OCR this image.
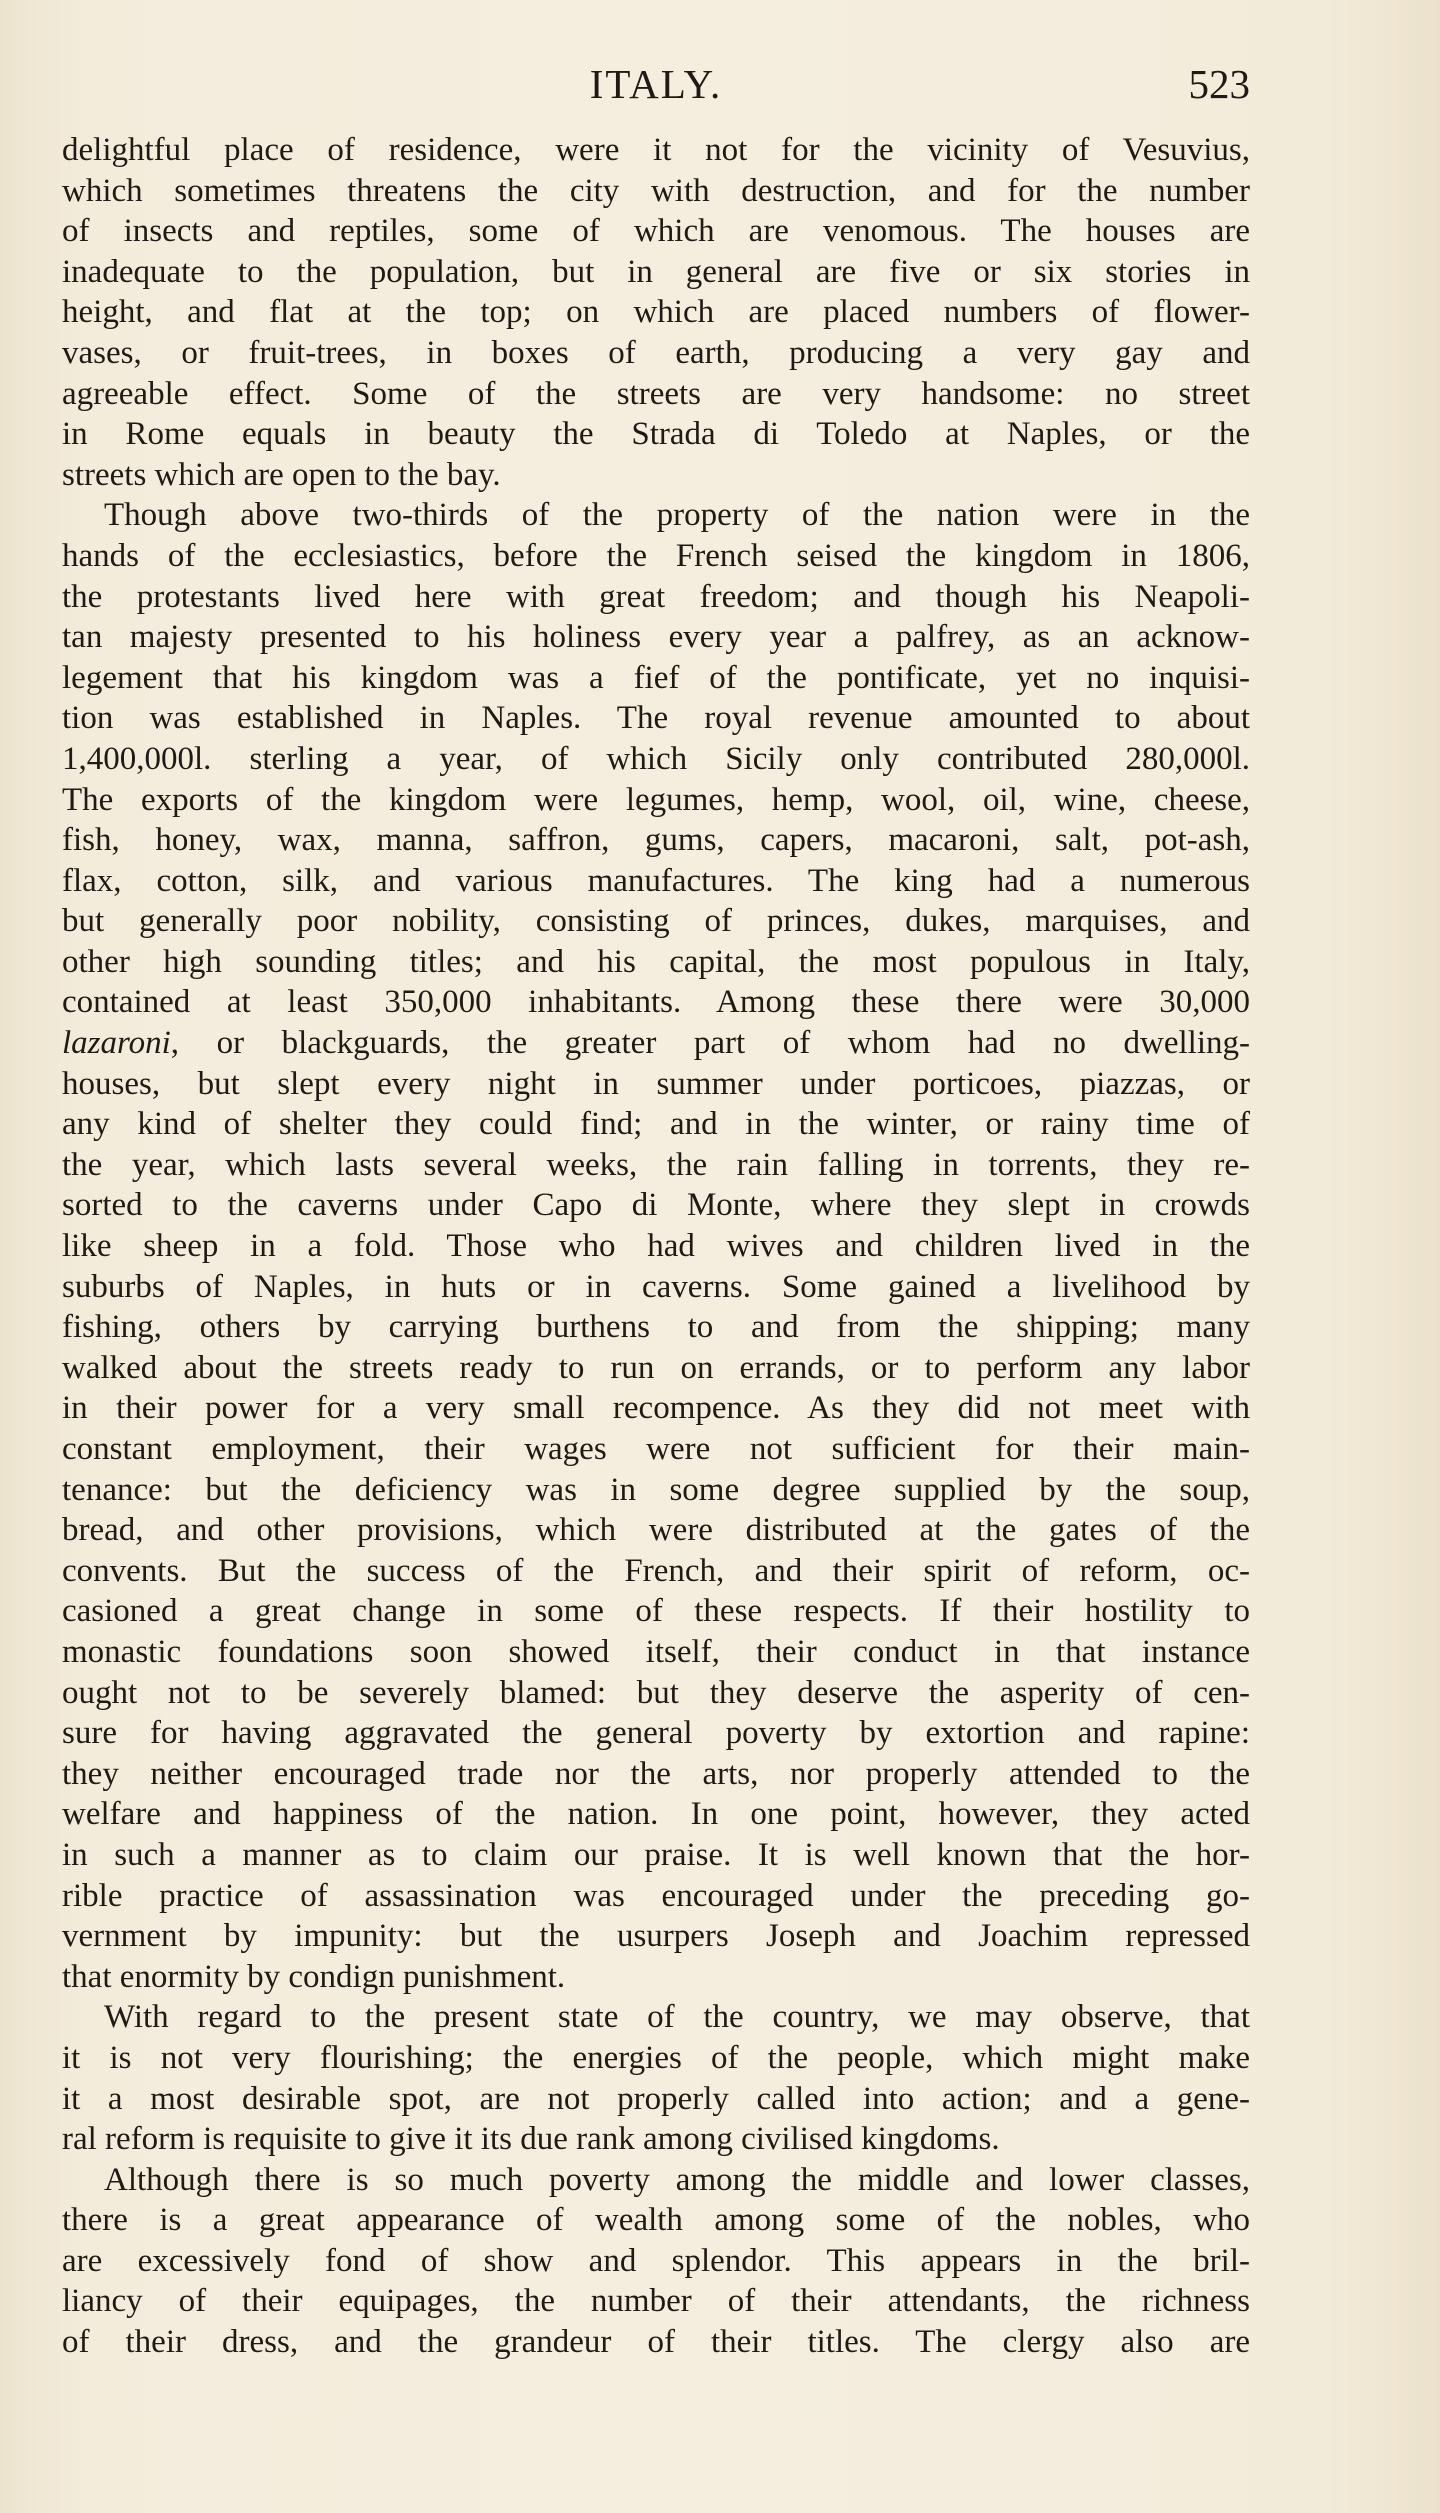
ITALY.	523
delightful place of residence, were it not for the vicinity of Vesuvius,
which sometimes threatens the city with destruction, and for the number
of insects and reptiles, some of which are venomous. The houses are
inadequate to the population, but in general are five or six stories in
height, and flat at the top; on which are placed numbers of flower-
vases, or fruit-trees, in boxes of earth, producing a very gay and
agreeable effect. Some of the streets are very handsome: no street
in Rome equals in beauty the Strada di Toledo at Naples, or the
streets which are open to the bay.
Though above two-thirds of the property of the nation were in the
hands of the ecclesiastics, before the French seised the kingdom in 1806,
the protestants lived here with great freedom; and though his Neapoli-
tan majesty presented to his holiness every year a palfrey, as an acknow-
legement that his kingdom was a fief of the pontificate, yet no inquisi-
tion was established in Naples. The royal revenue amounted to about
1,400,000l. sterling a year, of which Sicily only contributed 280,000l.
The exports of the kingdom were legumes, hemp, wool, oil, wine, cheese,
fish, honey, wax, manna, saffron, gums, capers, macaroni, salt, pot-ash,
flax, cotton, silk, and various manufactures. The king had a numerous
but generally poor nobility, consisting of princes, dukes, marquises, and
other high sounding titles; and his capital, the most populous in Italy,
contained at least 350,000 inhabitants. Among these there were 30,000
lazaroni, or blackguards, the greater part of whom had no dwelling-
houses, but slept every night in summer under porticoes, piazzas, or
any kind of shelter they could find; and in the winter, or rainy time of
the year, which lasts several weeks, the rain falling in torrents, they re-
sorted to the caverns under Capo di Monte, where they slept in crowds
like sheep in a fold. Those who had wives and children lived in the
suburbs of Naples, in huts or in caverns. Some gained a livelihood by
fishing, others by carrying burthens to and from the shipping; many
walked about the streets ready to run on errands, or to perform any labor
in their power for a very small recompence. As they did not meet with
constant employment, their wages were not sufficient for their main-
tenance: but the deficiency was in some degree supplied by the soup,
bread, and other provisions, which were distributed at the gates of the
convents. But the success of the French, and their spirit of reform, oc-
casioned a great change in some of these respects. If their hostility to
monastic foundations soon showed itself, their conduct in that instance
ought not to be severely blamed: but they deserve the asperity of cen-
sure for having aggravated the general poverty by extortion and rapine:
they neither encouraged trade nor the arts, nor properly attended to the
welfare and happiness of the nation. In one point, however, they acted
in such a manner as to claim our praise. It is well known that the hor-
rible practice of assassination was encouraged under the preceding go-
vernment by impunity: but the usurpers Joseph and Joachim repressed
that enormity by condign punishment.
With regard to the present state of the country, we may observe, that
it is not very flourishing; the energies of the people, which might make
it a most desirable spot, are not properly called into action; and a gene-
ral reform is requisite to give it its due rank among civilised kingdoms.
Although there is so much poverty among the middle and lower classes,
there is a great appearance of wealth among some of the nobles, who
are excessively fond of show and splendor. This appears in the bril-
liancy of their equipages, the number of their attendants, the richness
of their dress, and the grandeur of their titles. The clergy also are
